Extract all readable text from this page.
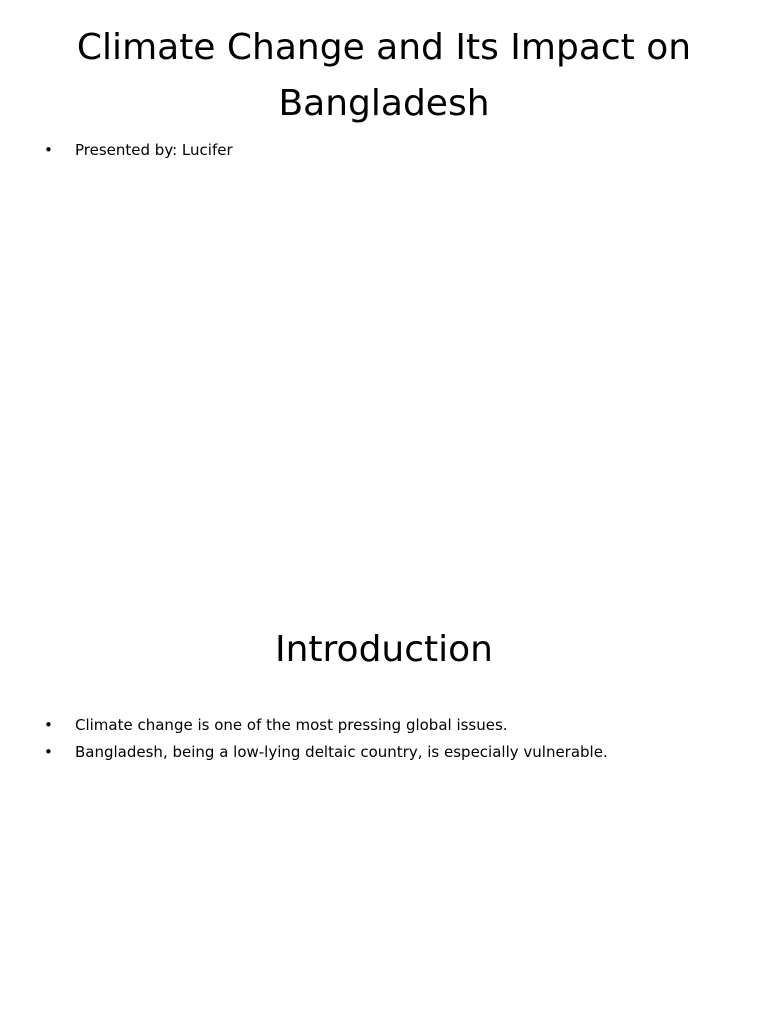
Climate Change and Its Impact on Bangladesh
• Presented by: Lucifer
Introduction
• Climate change is one of the most pressing global issues.
• Bangladesh, being a low-lying deltaic country, is especially vulnerable.
